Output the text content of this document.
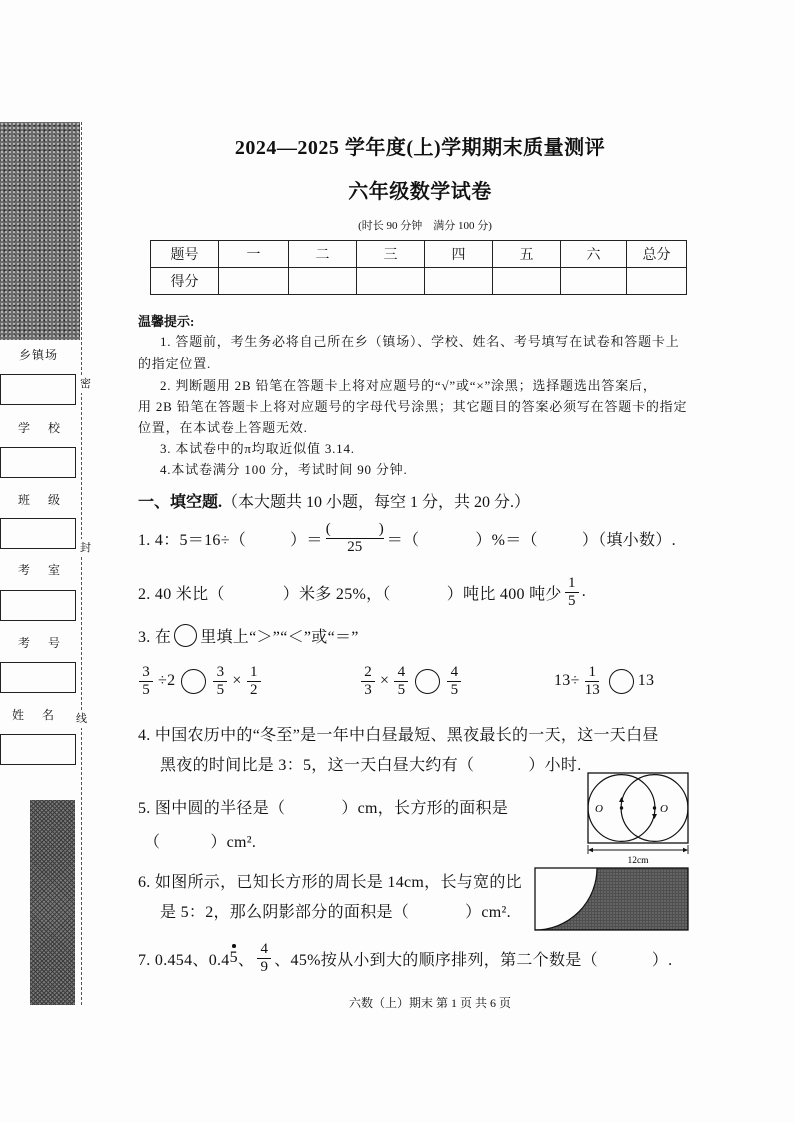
乡镇场
学  校
班  级
考  室
考  号
姓  名
密
封
线
2024—2025 学年度(上)学期期末质量测评
六年级数学试卷
(时长 90 分钟    满分 100 分)
题号	一	二	三	四	五	六	总分
得分							
温馨提示:
1. 答题前，考生务必将自己所在乡（镇场）、学校、姓名、考号填写在试卷和答题卡上
的指定位置.
2. 判断题用 2B 铅笔在答题卡上将对应题号的“√”或“×”涂黑；选择题选出答案后，
用 2B 铅笔在答题卡上将对应题号的字母代号涂黑；其它题目的答案必须写在答题卡的指定
位置，在本试卷上答题无效.
3. 本试卷中的π均取近似值 3.14.
4.本试卷满分 100 分，考试时间 90 分钟.
一、填空题.（本大题共 10 小题，每空 1 分，共 20 分.）
1. 4：5＝16÷（	）＝ (	)
25 ＝（	）%＝（	）（填小数）.
2. 40 米比（	）米多 25%，（	）吨比 400 吨少 $\frac{1}{5}$ .
3. 在 里填上“＞”“＜”或“＝”
$\frac{3}{5} \div 2$	$\frac{3}{5} \times \frac{1}{2}$	$\frac{2}{3} \times \frac{4}{5}$	$\frac{4}{5}$	$13\div \frac{1}{13} 13$
4. 中国农历中的“冬至”是一年中白昼最短、黑夜最长的一天，这一天白昼
黑夜的时间比是 3：5，这一天白昼大约有（	）小时.
5. 图中圆的半径是（	）cm，长方形的面积是
（	）cm².
O	O
12cm
6. 如图所示，已知长方形的周长是 14cm，长与宽的比
是 5：2，那么阴影部分的面积是（	）cm².
7. 0.454、0.4 5 、 $\frac{4}{9}$ 、45%按从小到大的顺序排列，第二个数是（	）.
六数（上）期末 第 1 页 共 6 页
